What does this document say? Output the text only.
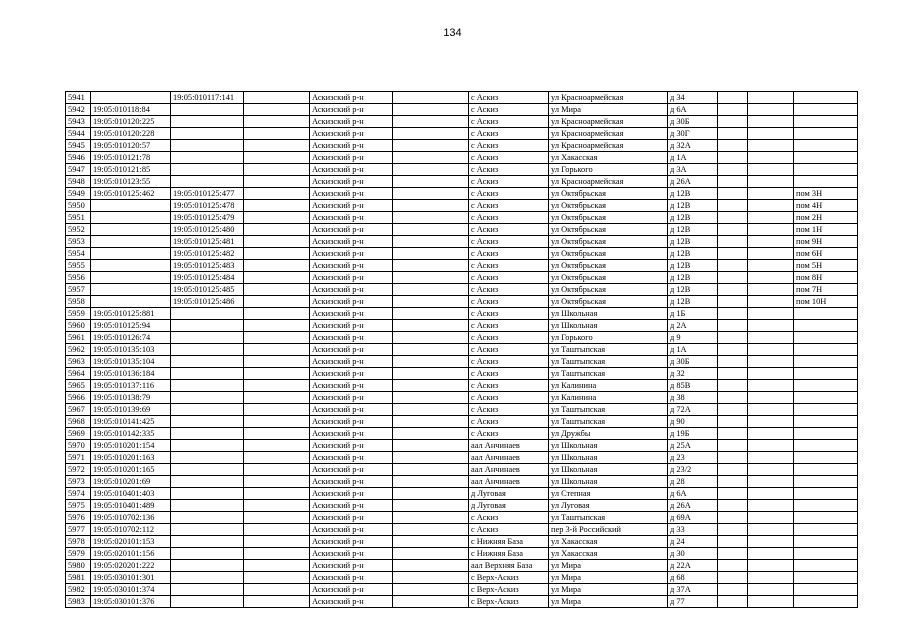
134
5941		19:05:010117:141		Аскизский р-н		с Аскиз	ул Красноармейская	д 34			
5942	19:05:010118:84			Аскизский р-н		с Аскиз	ул Мира	д 6А			
5943	19:05:010120:225			Аскизский р-н		с Аскиз	ул Красноармейская	д 30Б			
5944	19:05:010120:228			Аскизский р-н		с Аскиз	ул Красноармейская	д 30Г			
5945	19:05:010120:57			Аскизский р-н		с Аскиз	ул Красноармейская	д 32А			
5946	19:05:010121:78			Аскизский р-н		с Аскиз	ул Хакасская	д 1А			
5947	19:05:010121:85			Аскизский р-н		с Аскиз	ул Горького	д 3А			
5948	19:05:010123:55			Аскизский р-н		с Аскиз	ул Красноармейская	д 26А			
5949	19:05:010125:462	19:05:010125:477		Аскизский р-н		с Аскиз	ул Октябрьская	д 12В			пом 3Н
5950		19:05:010125:478		Аскизский р-н		с Аскиз	ул Октябрьская	д 12В			пом 4Н
5951		19:05:010125:479		Аскизский р-н		с Аскиз	ул Октябрьская	д 12В			пом 2Н
5952		19:05:010125:480		Аскизский р-н		с Аскиз	ул Октябрьская	д 12В			пом 1Н
5953		19:05:010125:481		Аскизский р-н		с Аскиз	ул Октябрьская	д 12В			пом 9Н
5954		19:05:010125:482		Аскизский р-н		с Аскиз	ул Октябрьская	д 12В			пом 6Н
5955		19:05:010125:483		Аскизский р-н		с Аскиз	ул Октябрьская	д 12В			пом 5Н
5956		19:05:010125:484		Аскизский р-н		с Аскиз	ул Октябрьская	д 12В			пом 8Н
5957		19:05:010125:485		Аскизский р-н		с Аскиз	ул Октябрьская	д 12В			пом 7Н
5958		19:05:010125:486		Аскизский р-н		с Аскиз	ул Октябрьская	д 12В			пом 10Н
5959	19:05:010125:881			Аскизский р-н		с Аскиз	ул Школьная	д 1Б			
5960	19:05:010125:94			Аскизский р-н		с Аскиз	ул Школьная	д 2А			
5961	19:05:010126:74			Аскизский р-н		с Аскиз	ул Горького	д 9			
5962	19:05:010135:103			Аскизский р-н		с Аскиз	ул Таштыпская	д 1А			
5963	19:05:010135:104			Аскизский р-н		с Аскиз	ул Таштыпская	д 30Б			
5964	19:05:010136:184			Аскизский р-н		с Аскиз	ул Таштыпская	д 32			
5965	19:05:010137:116			Аскизский р-н		с Аскиз	ул Калинина	д 85В			
5966	19:05:010138:79			Аскизский р-н		с Аскиз	ул Калинина	д 38			
5967	19:05:010139:69			Аскизский р-н		с Аскиз	ул Таштыпская	д 72А			
5968	19:05:010141:425			Аскизский р-н		с Аскиз	ул Таштыпская	д 90			
5969	19:05:010142:335			Аскизский р-н		с Аскиз	ул Дружбы	д 19Б			
5970	19:05:010201:154			Аскизский р-н		аал Анчинаев	ул Школьная	д 25А			
5971	19:05:010201:163			Аскизский р-н		аал Анчинаев	ул Школьная	д 23			
5972	19:05:010201:165			Аскизский р-н		аал Анчинаев	ул Школьная	д 23/2			
5973	19:05:010201:69			Аскизский р-н		аал Анчинаев	ул Школьная	д 28			
5974	19:05:010401:403			Аскизский р-н		д Луговая	ул Степная	д 6А			
5975	19:05:010401:489			Аскизский р-н		д Луговая	ул Луговая	д 26А			
5976	19:05:010702:136			Аскизский р-н		с Аскиз	ул Таштыпская	д 69А			
5977	19:05:010702:112			Аскизский р-н		с Аскиз	пер 3-й Российский	д 33			
5978	19:05:020101:153			Аскизский р-н		с Нижняя База	ул Хакасская	д 24			
5979	19:05:020101:156			Аскизский р-н		с Нижняя База	ул Хакасская	д 30			
5980	19:05:020201:222			Аскизский р-н		аал Верхняя База	ул Мира	д 22А			
5981	19:05:030101:301			Аскизский р-н		с Верх-Аскиз	ул Мира	д 68			
5982	19:05:030101:374			Аскизский р-н		с Верх-Аскиз	ул Мира	д 37А			
5983	19:05:030101:376			Аскизский р-н		с Верх-Аскиз	ул Мира	д 77			
